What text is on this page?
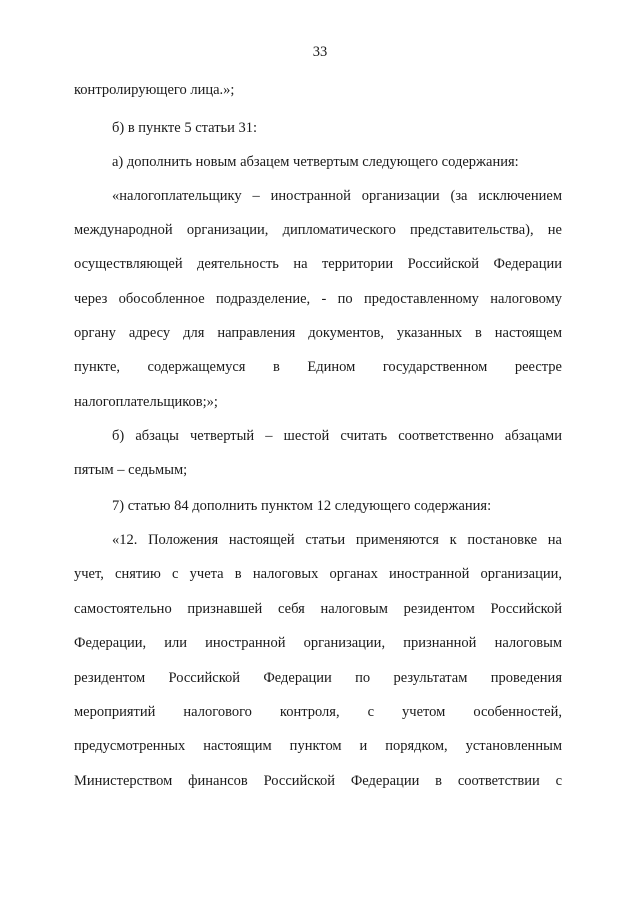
33
контролирующего лица.»;
б) в пункте 5 статьи 31:
а) дополнить новым абзацем четвертым следующего содержания:
«налогоплательщику – иностранной организации (за исключением
международной организации, дипломатического представительства), не
осуществляющей деятельность на территории Российской Федерации
через обособленное подразделение, - по предоставленному налоговому
органу адресу для направления документов, указанных в настоящем
пункте, содержащемуся в Едином государственном реестре
налогоплательщиков;»;
б) абзацы четвертый – шестой считать соответственно абзацами
пятым – седьмым;
7) статью 84 дополнить пунктом 12 следующего содержания:
«12. Положения настоящей статьи применяются к постановке на
учет, снятию с учета в налоговых органах иностранной организации,
самостоятельно признавшей себя налоговым резидентом Российской
Федерации, или иностранной организации, признанной налоговым
резидентом Российской Федерации по результатам проведения
мероприятий налогового контроля, с учетом особенностей,
предусмотренных настоящим пунктом и порядком, установленным
Министерством финансов Российской Федерации в соответствии с
